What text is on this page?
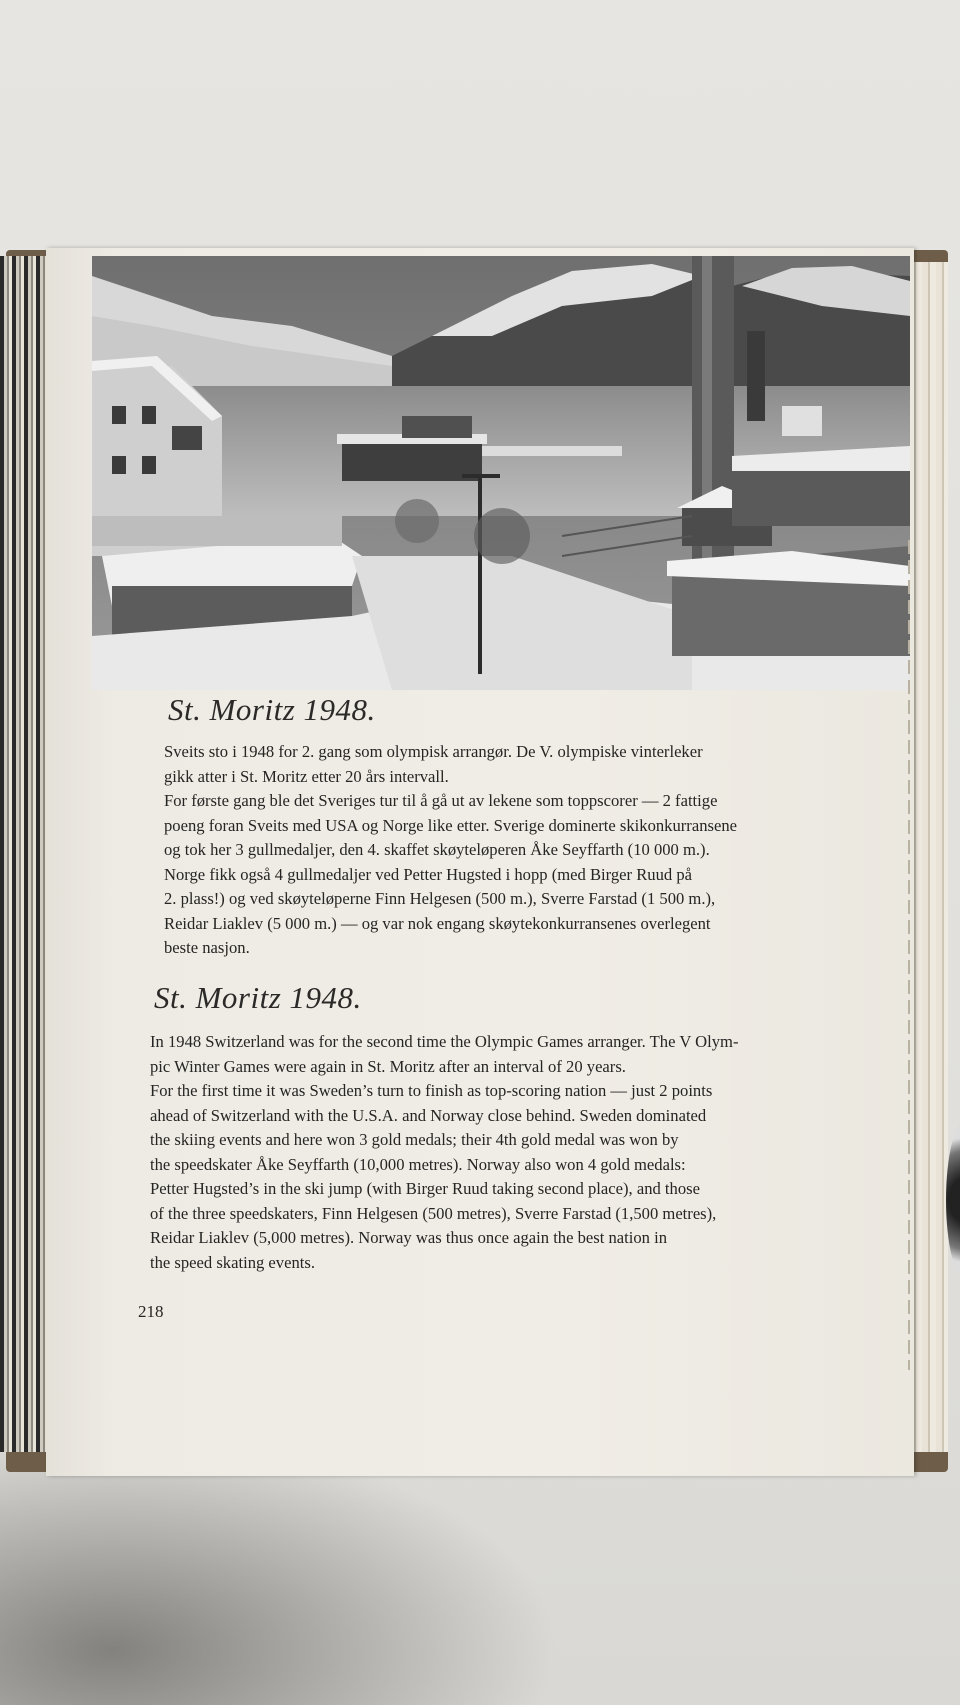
St. Moritz 1948.
Sveits sto i 1948 for 2. gang som olympisk arrangør. De V. olympiske vinterleker
gikk atter i St. Moritz etter 20 års intervall.
For første gang ble det Sveriges tur til å gå ut av lekene som toppscorer — 2 fattige
poeng foran Sveits med USA og Norge like etter. Sverige dominerte skikonkurransene
og tok her 3 gullmedaljer, den 4. skaffet skøyteløperen Åke Seyffarth (10 000 m.).
Norge fikk også 4 gullmedaljer ved Petter Hugsted i hopp (med Birger Ruud på
2. plass!) og ved skøyteløperne Finn Helgesen (500 m.), Sverre Farstad (1 500 m.),
Reidar Liaklev (5 000 m.) — og var nok engang skøytekonkurransenes overlegent
beste nasjon.
St. Moritz 1948.
In 1948 Switzerland was for the second time the Olympic Games arranger. The V Olym-
pic Winter Games were again in St. Moritz after an interval of 20 years.
For the first time it was Sweden’s turn to finish as top-scoring nation — just 2 points
ahead of Switzerland with the U.S.A. and Norway close behind. Sweden dominated
the skiing events and here won 3 gold medals; their 4th gold medal was won by
the speedskater Åke Seyffarth (10,000 metres). Norway also won 4 gold medals:
Petter Hugsted’s in the ski jump (with Birger Ruud taking second place), and those
of the three speedskaters, Finn Helgesen (500 metres), Sverre Farstad (1,500 metres),
Reidar Liaklev (5,000 metres). Norway was thus once again the best nation in
the speed skating events.
218
